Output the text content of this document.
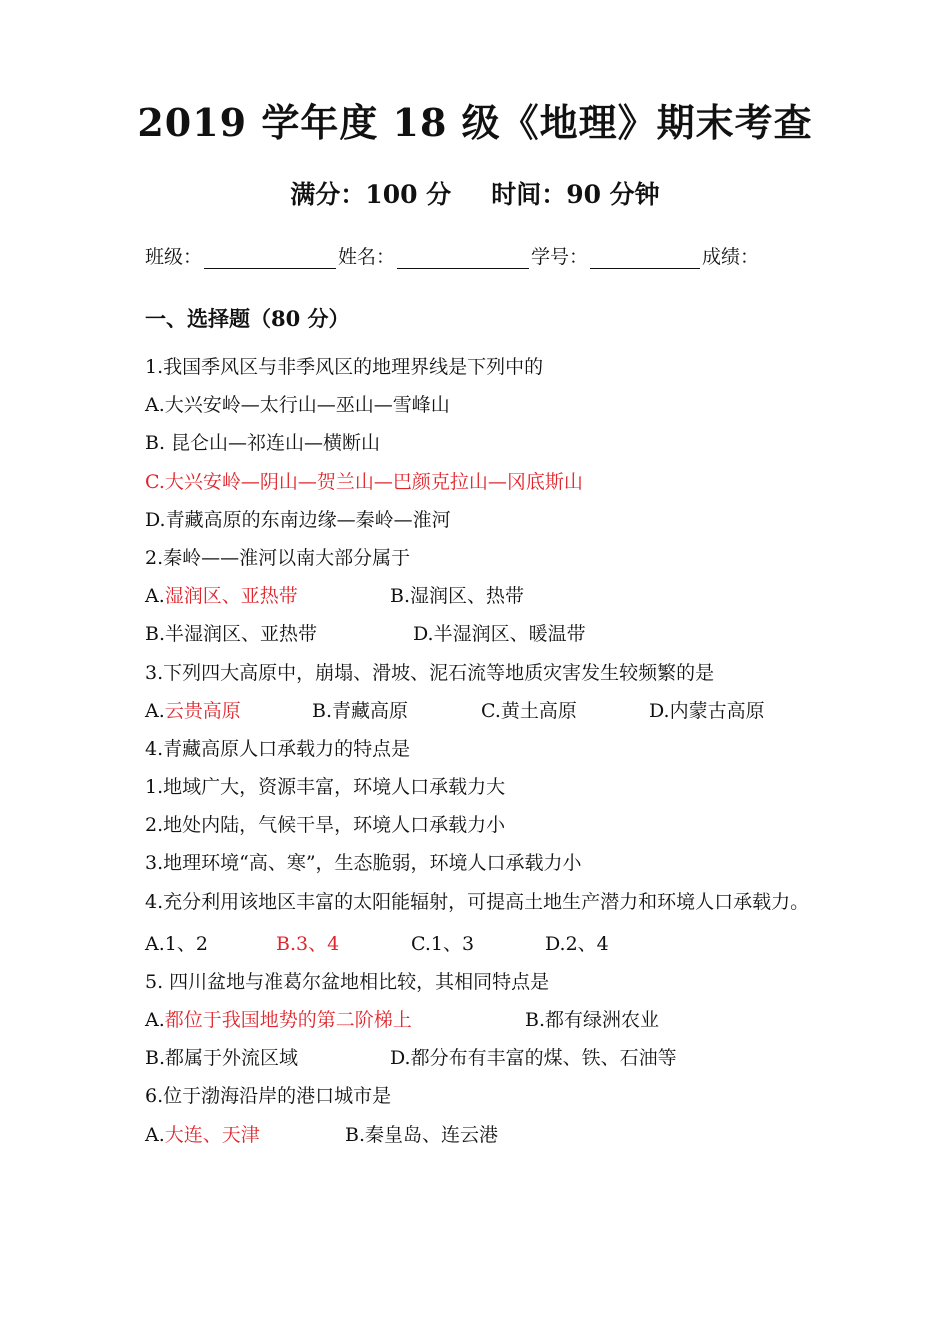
2019 学年度 18 级《地理》期末考查
满分：100 分 时间：90 分钟
班级：	姓名：	学号：	成绩：
一、选择题（80 分）
1.我国季风区与非季风区的地理界线是下列中的
A.大兴安岭—太行山—巫山—雪峰山
B. 昆仑山—祁连山—横断山
C.大兴安岭—阴山—贺兰山—巴颜克拉山—冈底斯山
D.青藏高原的东南边缘—秦岭—淮河
2.秦岭——淮河以南大部分属于
A.湿润区、亚热带	B.湿润区、热带
B.半湿润区、亚热带	D.半湿润区、暖温带
3.下列四大高原中，崩塌、滑坡、泥石流等地质灾害发生较频繁的是
A.云贵高原	B.青藏高原	C.黄土高原	D.内蒙古高原
4.青藏高原人口承载力的特点是
1.地域广大，资源丰富，环境人口承载力大
2.地处内陆，气候干旱，环境人口承载力小
3.地理环境“高、寒”，生态脆弱，环境人口承载力小
4.充分利用该地区丰富的太阳能辐射，可提高土地生产潜力和环境人口承载力。
A.1、2	B.3、4	C.1、3	D.2、4
5. 四川盆地与准葛尔盆地相比较，其相同特点是
A.都位于我国地势的第二阶梯上	B.都有绿洲农业
B.都属于外流区域	D.都分布有丰富的煤、铁、石油等
6.位于渤海沿岸的港口城市是
A.大连、天津	B.秦皇岛、连云港
